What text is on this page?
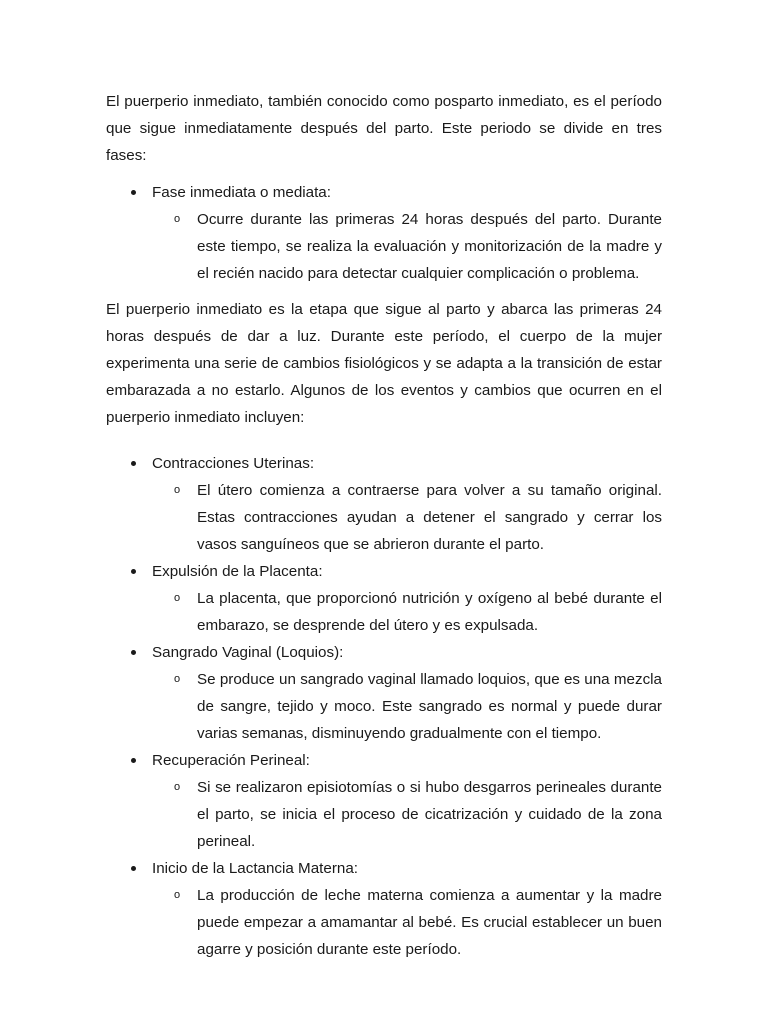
El puerperio inmediato, también conocido como posparto inmediato, es el período que sigue inmediatamente después del parto. Este periodo se divide en tres fases:

Fase inmediata o mediata:
o Ocurre durante las primeras 24 horas después del parto. Durante este tiempo, se realiza la evaluación y monitorización de la madre y el recién nacido para detectar cualquier complicación o problema.

El puerperio inmediato es la etapa que sigue al parto y abarca las primeras 24 horas después de dar a luz. Durante este período, el cuerpo de la mujer experimenta una serie de cambios fisiológicos y se adapta a la transición de estar embarazada a no estarlo. Algunos de los eventos y cambios que ocurren en el puerperio inmediato incluyen:

Contracciones Uterinas:
o El útero comienza a contraerse para volver a su tamaño original. Estas contracciones ayudan a detener el sangrado y cerrar los vasos sanguíneos que se abrieron durante el parto.
Expulsión de la Placenta:
o La placenta, que proporcionó nutrición y oxígeno al bebé durante el embarazo, se desprende del útero y es expulsada.
Sangrado Vaginal (Loquios):
o Se produce un sangrado vaginal llamado loquios, que es una mezcla de sangre, tejido y moco. Este sangrado es normal y puede durar varias semanas, disminuyendo gradualmente con el tiempo.
Recuperación Perineal:
o Si se realizaron episiotomías o si hubo desgarros perineales durante el parto, se inicia el proceso de cicatrización y cuidado de la zona perineal.
Inicio de la Lactancia Materna:
o La producción de leche materna comienza a aumentar y la madre puede empezar a amamantar al bebé. Es crucial establecer un buen agarre y posición durante este período.
